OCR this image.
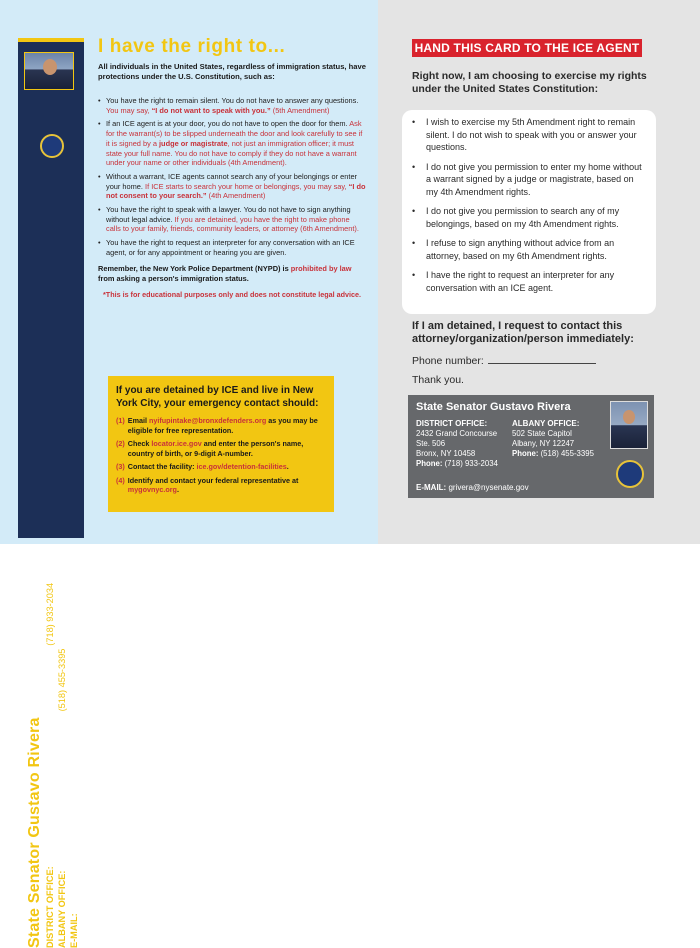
State Senator Gustavo Rivera DISTRICT OFFICE: 2432 Grand Concourse, Ste. 506, Bronx, NY 10458 • (718) 933-2034
ALBANY OFFICE: 502 State Capitol, Albany, NY 12247 • (518) 455-3395
E-MAIL: grivera@nysenate.gov
I have the right to...
All individuals in the United States, regardless of immigration status, have protections under the U.S. Constitution, such as:
• You have the right to remain silent. You do not have to answer any questions. You may say, “I do not want to speak with you.” (5th Amendment)
• If an ICE agent is at your door, you do not have to open the door for them. Ask for the warrant(s) to be slipped underneath the door and look carefully to see if it is signed by a judge or magistrate, not just an immigration officer; it must state your full name. You do not have to comply if they do not have a warrant under your name or other individuals (4th Amendment).
• Without a warrant, ICE agents cannot search any of your belongings or enter your home. If ICE starts to search your home or belongings, you may say, “I do not consent to your search.” (4th Amendment)
• You have the right to speak with a lawyer. You do not have to sign anything without legal advice. If you are detained, you have the right to make phone calls to your family, friends, community leaders, or attorney (6th Amendment).
• You have the right to request an interpreter for any conversation with an ICE agent, or for any appointment or hearing you are given.
Remember, the New York Police Department (NYPD) is prohibited by law from asking a person's immigration status.
*This is for educational purposes only and does not constitute legal advice.
If you are detained by ICE and live in New York City, your emergency contact should:
(1) Email nyifupintake@bronxdefenders.org as you may be eligible for free representation.
(2) Check locator.ice.gov and enter the person's name, country of birth, or 9-digit A-number.
(3) Contact the facility: ice.gov/detention-facilities.
(4) Identify and contact your federal representative at mygovnyc.org.
HAND THIS CARD TO THE ICE AGENT
Right now, I am choosing to exercise my rights under the United States Constitution:
• I wish to exercise my 5th Amendment right to remain silent. I do not wish to speak with you or answer your questions.
• I do not give you permission to enter my home without a warrant signed by a judge or magistrate, based on my 4th Amendment rights.
• I do not give you permission to search any of my belongings, based on my 4th Amendment rights.
• I refuse to sign anything without advice from an attorney, based on my 6th Amendment rights.
• I have the right to request an interpreter for any conversation with an ICE agent.
If I am detained, I request to contact this attorney/organization/person immediately:
Phone number:
Thank you.
State Senator Gustavo Rivera
DISTRICT OFFICE:
2432 Grand Concourse
Ste. 506
Bronx, NY 10458
Phone: (718) 933-2034
ALBANY OFFICE:
502 State Capitol
Albany, NY 12247
Phone: (518) 455-3395
E-MAIL: grivera@nysenate.gov
